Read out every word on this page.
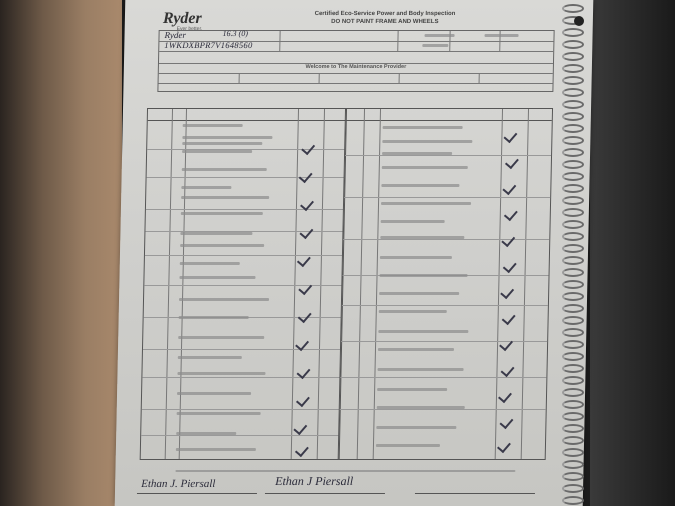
Ryder
Ever better.
Certified Eco-Service Power and Body Inspection
DO NOT PAINT FRAME AND WHEELS
Welcome to The Maintenance Provider
Ryder	16.3 (0)
1WKDXBPR7V1648560
Ethan J. Piersall	Ethan J Piersall
